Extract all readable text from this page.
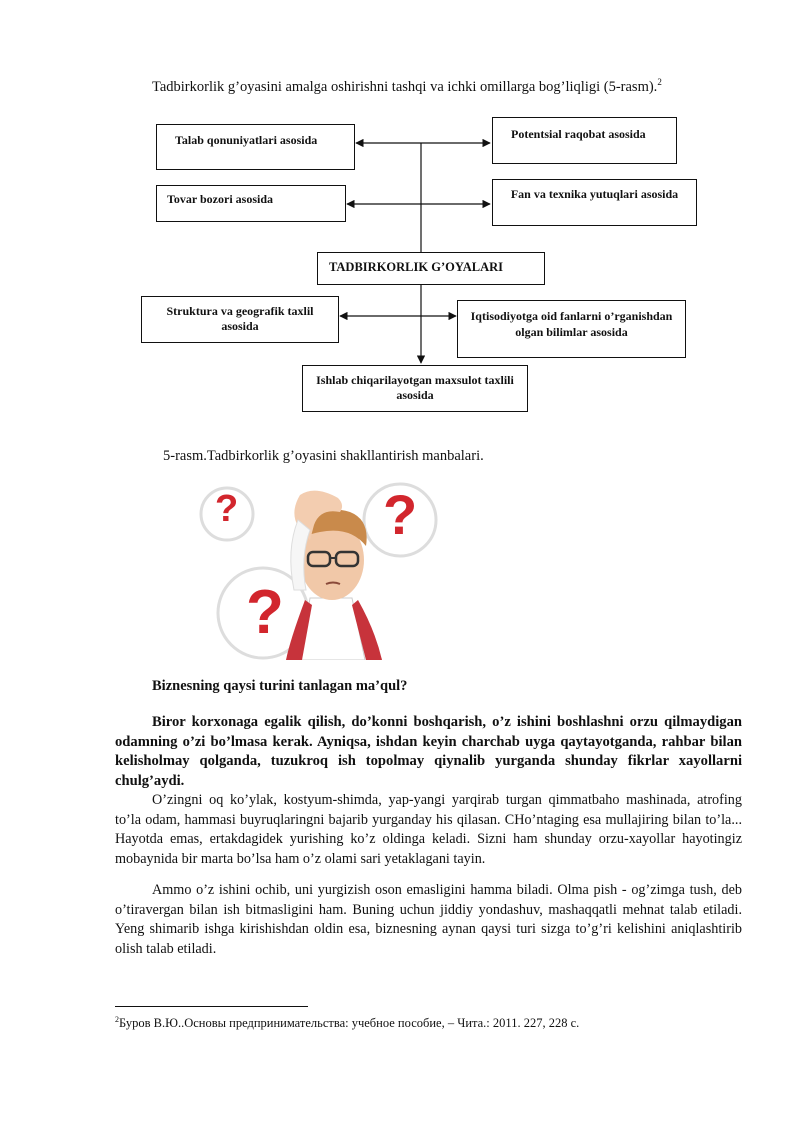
Tadbirkorlik g’oyasini amalga oshirishni tashqi va ichki omillarga bog’liqligi (5-rasm).$^2$
Talab qonuniyatlari asosida	Potentsial raqobat asosida
Tovar bozori asosida	Fan va texnika yutuqlari asosida
TADBIRKORLIK G’OYALARI
Struktura va geografik taxlil asosida
Iqtisodiyotga oid fanlarni o’rganishdan olgan bilimlar asosida
Ishlab chiqarilayotgan maxsulot taxlili asosida
5-rasm.Tadbirkorlik g’oyasini shakllantirish manbalari.
?	?
?
Biznesning qaysi turini tanlagan ma’qul?

Biror korxonaga egalik qilish, do’konni boshqarish, o’z ishini boshlashni orzu qilmaydigan odamning o’zi bo’lmasa kerak. Ayniqsa, ishdan keyin charchab uyga qaytayotganda, rahbar bilan kelisholmay qolganda, tuzukroq ish topolmay qiynalib yurganda shunday fikrlar xayollarni chulg’aydi.

O’zingni oq ko’ylak, kostyum-shimda, yap-yangi yarqirab turgan qimmatbaho mashinada, atrofing to’la odam, hammasi buyruqlaringni bajarib yurganday his qilasan. CHo’ntaging esa mullajiring bilan to’la... Hayotda emas, ertakdagidek yurishing ko’z oldinga keladi. Sizni ham shunday orzu-xayollar hayotingiz mobaynida bir marta bo’lsa ham o’z olami sari yetaklagani tayin.

Ammo o’z ishini ochib, uni yurgizish oson emasligini hamma biladi. Olma pish - og’zimga tush, deb o’tiravergan bilan ish bitmasligini ham. Buning uchun jiddiy yondashuv, mashaqqatli mehnat talab etiladi. Yeng shimarib ishga kirishishdan oldin esa, biznesning aynan qaysi turi sizga to’g’ri kelishini aniqlashtirib olish talab etiladi.

$^2$Буров В.Ю..Основы предпринимательства: учебное пособие, – Чита.: 2011. 227, 228 с.
